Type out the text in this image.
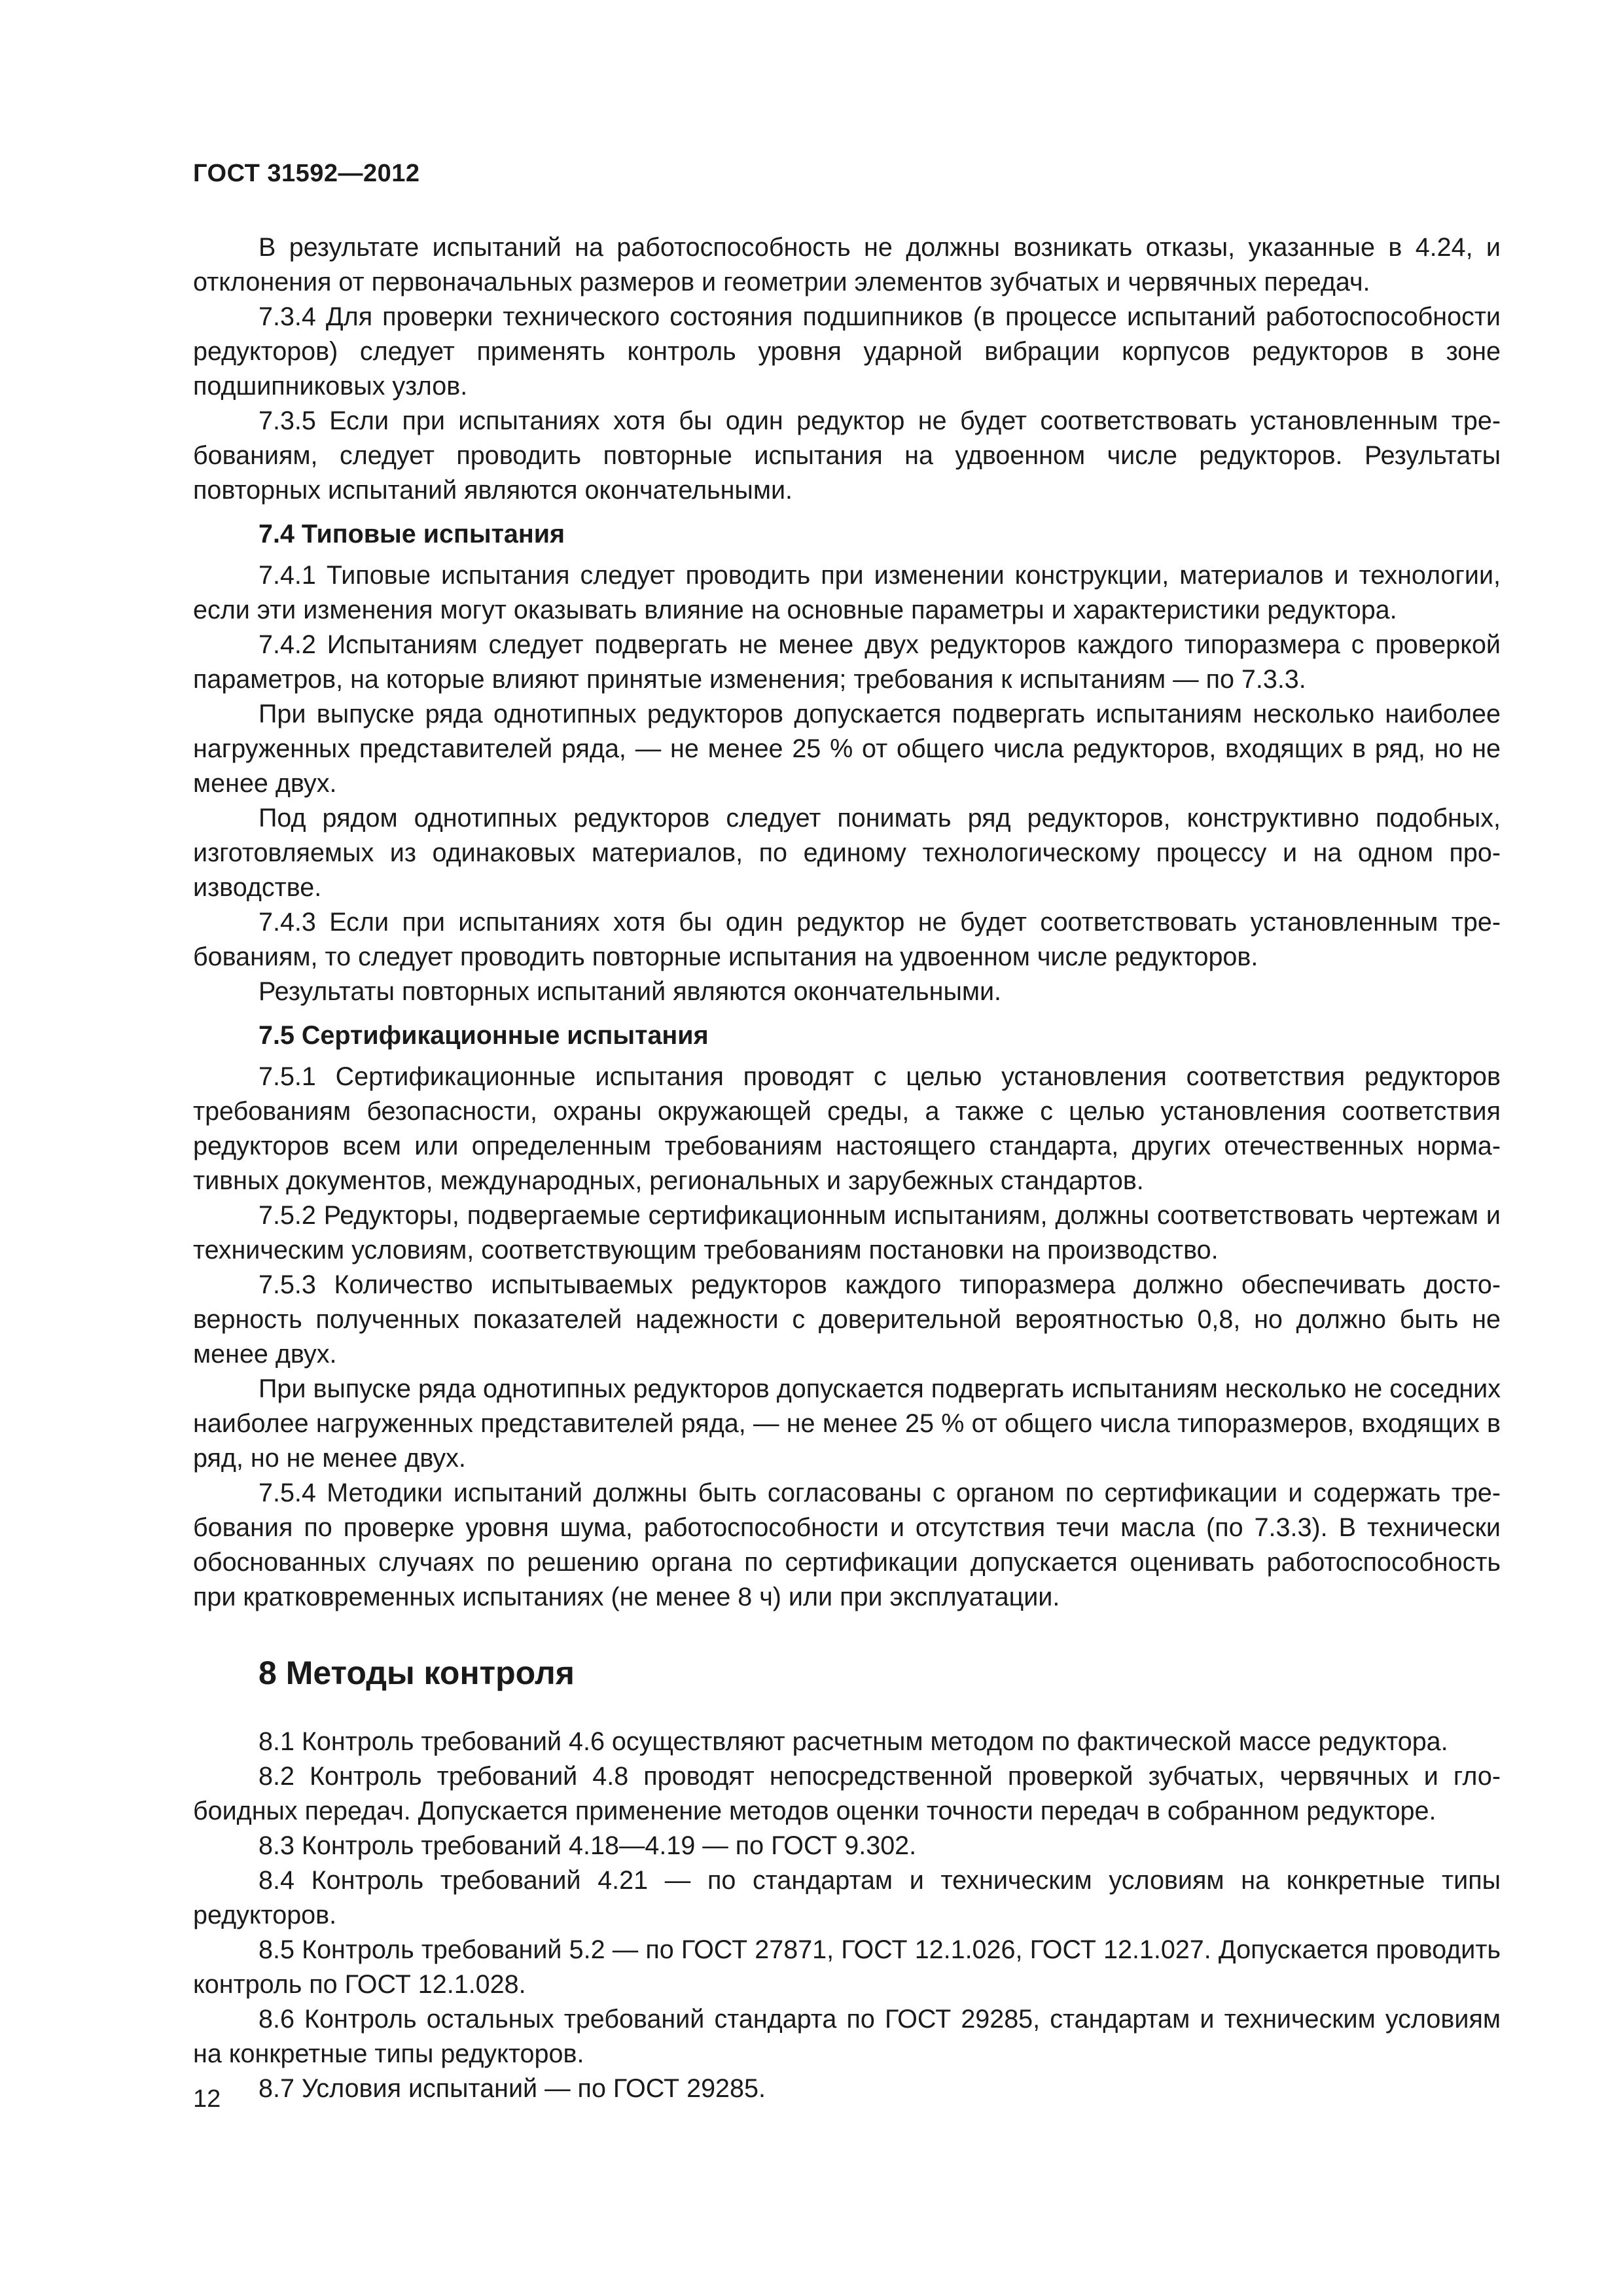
ГОСТ 31592—2012

В результате испытаний на работоспособность не должны возникать отказы, указанные в 4.24, и отклонения от первоначальных размеров и геометрии элементов зубчатых и червячных передач.

7.3.4 Для проверки технического состояния подшипников (в процессе испытаний работоспособности редукторов) следует применять контроль уровня ударной вибрации корпусов редукторов в зоне подшипниковых узлов.

7.3.5 Если при испытаниях хотя бы один редуктор не будет соответствовать установленным требованиям, следует проводить повторные испытания на удвоенном числе редукторов. Результаты повторных испытаний являются окончательными.

7.4 Типовые испытания

7.4.1 Типовые испытания следует проводить при изменении конструкции, материалов и технологии, если эти изменения могут оказывать влияние на основные параметры и характеристики редуктора.

7.4.2 Испытаниям следует подвергать не менее двух редукторов каждого типоразмера с проверкой параметров, на которые влияют принятые изменения; требования к испытаниям — по 7.3.3.

При выпуске ряда однотипных редукторов допускается подвергать испытаниям несколько наиболее нагруженных представителей ряда, — не менее 25 % от общего числа редукторов, входящих в ряд, но не менее двух.

Под рядом однотипных редукторов следует понимать ряд редукторов, конструктивно подобных, изготовляемых из одинаковых материалов, по единому технологическому процессу и на одном производстве.

7.4.3 Если при испытаниях хотя бы один редуктор не будет соответствовать установленным требованиям, то следует проводить повторные испытания на удвоенном числе редукторов.

Результаты повторных испытаний являются окончательными.

7.5 Сертификационные испытания

7.5.1 Сертификационные испытания проводят с целью установления соответствия редукторов требованиям безопасности, охраны окружающей среды, а также с целью установления соответствия редукторов всем или определенным требованиям настоящего стандарта, других отечественных нормативных документов, международных, региональных и зарубежных стандартов.

7.5.2 Редукторы, подвергаемые сертификационным испытаниям, должны соответствовать чертежам и техническим условиям, соответствующим требованиям постановки на производство.

7.5.3 Количество испытываемых редукторов каждого типоразмера должно обеспечивать достоверность полученных показателей надежности с доверительной вероятностью 0,8, но должно быть не менее двух.

При выпуске ряда однотипных редукторов допускается подвергать испытаниям несколько не соседних наиболее нагруженных представителей ряда, — не менее 25 % от общего числа типоразмеров, входящих в ряд, но не менее двух.

7.5.4 Методики испытаний должны быть согласованы с органом по сертификации и содержать требования по проверке уровня шума, работоспособности и отсутствия течи масла (по 7.3.3). В технически обоснованных случаях по решению органа по сертификации допускается оценивать работоспособность при кратковременных испытаниях (не менее 8 ч) или при эксплуатации.

8 Методы контроля

8.1 Контроль требований 4.6 осуществляют расчетным методом по фактической массе редуктора.

8.2 Контроль требований 4.8 проводят непосредственной проверкой зубчатых, червячных и глобоидных передач. Допускается применение методов оценки точности передач в собранном редукторе.

8.3 Контроль требований 4.18—4.19 — по ГОСТ 9.302.

8.4 Контроль требований 4.21 — по стандартам и техническим условиям на конкретные типы редукторов.

8.5 Контроль требований 5.2 — по ГОСТ 27871, ГОСТ 12.1.026, ГОСТ 12.1.027. Допускается проводить контроль по ГОСТ 12.1.028.

8.6 Контроль остальных требований стандарта по ГОСТ 29285, стандартам и техническим условиям на конкретные типы редукторов.

8.7 Условия испытаний — по ГОСТ 29285.

12
